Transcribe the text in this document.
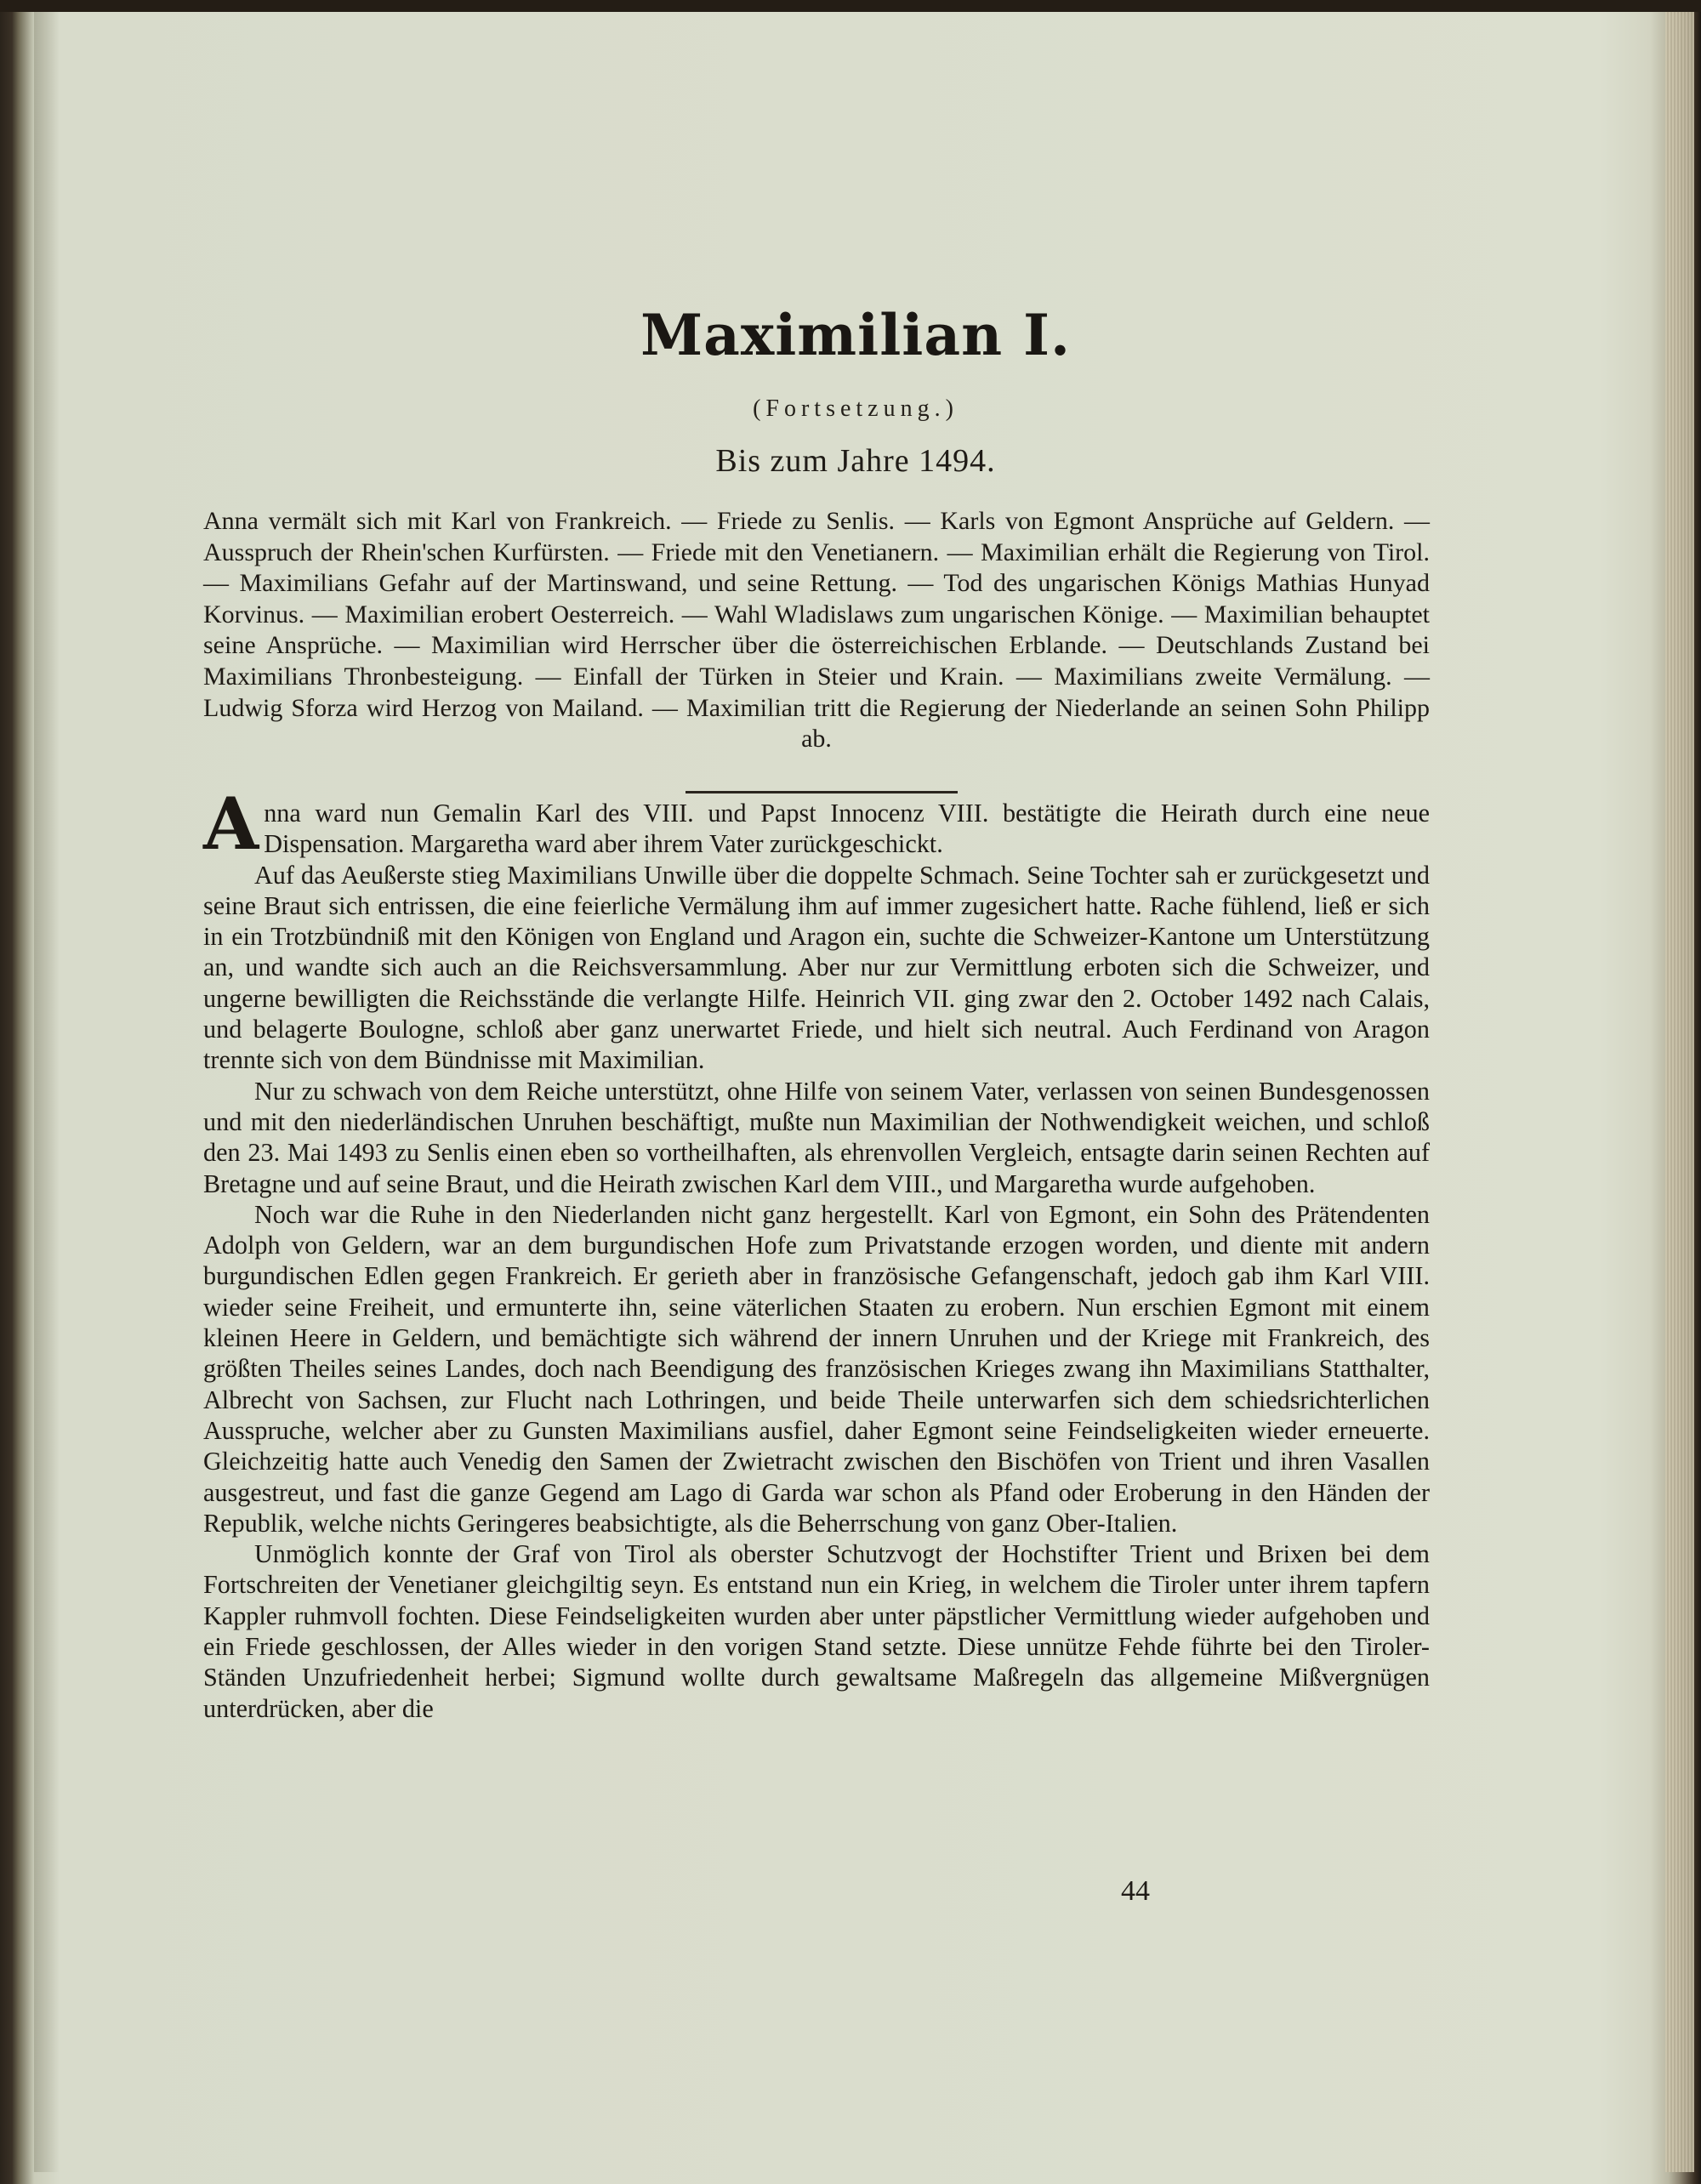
Maximilian I.
(Fortsetzung.)
Bis zum Jahre 1494.
Anna vermält sich mit Karl von Frankreich. — Friede zu Senlis. — Karls von Egmont Ansprüche auf Geldern. — Ausspruch der Rhein'schen Kurfürsten. — Friede mit den Venetianern. — Maximilian erhält die Regierung von Tirol. — Maximilians Gefahr auf der Martinswand, und seine Rettung. — Tod des ungarischen Königs Mathias Hunyad Korvinus. — Maximilian erobert Oesterreich. — Wahl Wladislaws zum ungarischen Könige. — Maximilian behauptet seine Ansprüche. — Maximilian wird Herrscher über die österreichischen Erblande. — Deutschlands Zustand bei Maximilians Thronbesteigung. — Einfall der Türken in Steier und Krain. — Maximilians zweite Vermälung. — Ludwig Sforza wird Herzog von Mailand. — Maximilian tritt die Regierung der Niederlande an seinen Sohn Philipp ab.

Anna ward nun Gemalin Karl des VIII. und Papst Innocenz VIII. bestätigte die Heirath durch eine neue Dispensation. Margaretha ward aber ihrem Vater zurückgeschickt.

Auf das Aeußerste stieg Maximilians Unwille über die doppelte Schmach. Seine Tochter sah er zurückgesetzt und seine Braut sich entrissen, die eine feierliche Vermälung ihm auf immer zugesichert hatte. Rache fühlend, ließ er sich in ein Trotzbündniß mit den Königen von England und Aragon ein, suchte die Schweizer-Kantone um Unterstützung an, und wandte sich auch an die Reichsversammlung. Aber nur zur Vermittlung erboten sich die Schweizer, und ungerne bewilligten die Reichsstände die verlangte Hilfe. Heinrich VII. ging zwar den 2. October 1492 nach Calais, und belagerte Boulogne, schloß aber ganz unerwartet Friede, und hielt sich neutral. Auch Ferdinand von Aragon trennte sich von dem Bündnisse mit Maximilian.

Nur zu schwach von dem Reiche unterstützt, ohne Hilfe von seinem Vater, verlassen von seinen Bundesgenossen und mit den niederländischen Unruhen beschäftigt, mußte nun Maximilian der Nothwendigkeit weichen, und schloß den 23. Mai 1493 zu Senlis einen eben so vortheilhaften, als ehrenvollen Vergleich, entsagte darin seinen Rechten auf Bretagne und auf seine Braut, und die Heirath zwischen Karl dem VIII., und Margaretha wurde aufgehoben.

Noch war die Ruhe in den Niederlanden nicht ganz hergestellt. Karl von Egmont, ein Sohn des Prätendenten Adolph von Geldern, war an dem burgundischen Hofe zum Privatstande erzogen worden, und diente mit andern burgundischen Edlen gegen Frankreich. Er gerieth aber in französische Gefangenschaft, jedoch gab ihm Karl VIII. wieder seine Freiheit, und ermunterte ihn, seine väterlichen Staaten zu erobern. Nun erschien Egmont mit einem kleinen Heere in Geldern, und bemächtigte sich während der innern Unruhen und der Kriege mit Frankreich, des größten Theiles seines Landes, doch nach Beendigung des französischen Krieges zwang ihn Maximilians Statthalter, Albrecht von Sachsen, zur Flucht nach Lothringen, und beide Theile unterwarfen sich dem schiedsrichterlichen Ausspruche, welcher aber zu Gunsten Maximilians ausfiel, daher Egmont seine Feindseligkeiten wieder erneuerte. Gleichzeitig hatte auch Venedig den Samen der Zwietracht zwischen den Bischöfen von Trient und ihren Vasallen ausgestreut, und fast die ganze Gegend am Lago di Garda war schon als Pfand oder Eroberung in den Händen der Republik, welche nichts Geringeres beabsichtigte, als die Beherrschung von ganz Ober-Italien.

Unmöglich konnte der Graf von Tirol als oberster Schutzvogt der Hochstifter Trient und Brixen bei dem Fortschreiten der Venetianer gleichgiltig seyn. Es entstand nun ein Krieg, in welchem die Tiroler unter ihrem tapfern Kappler ruhmvoll fochten. Diese Feindseligkeiten wurden aber unter päpstlicher Vermittlung wieder aufgehoben und ein Friede geschlossen, der Alles wieder in den vorigen Stand setzte. Diese unnütze Fehde führte bei den Tiroler-Ständen Unzufriedenheit herbei; Sigmund wollte durch gewaltsame Maßregeln das allgemeine Mißvergnügen unterdrücken, aber die

44
